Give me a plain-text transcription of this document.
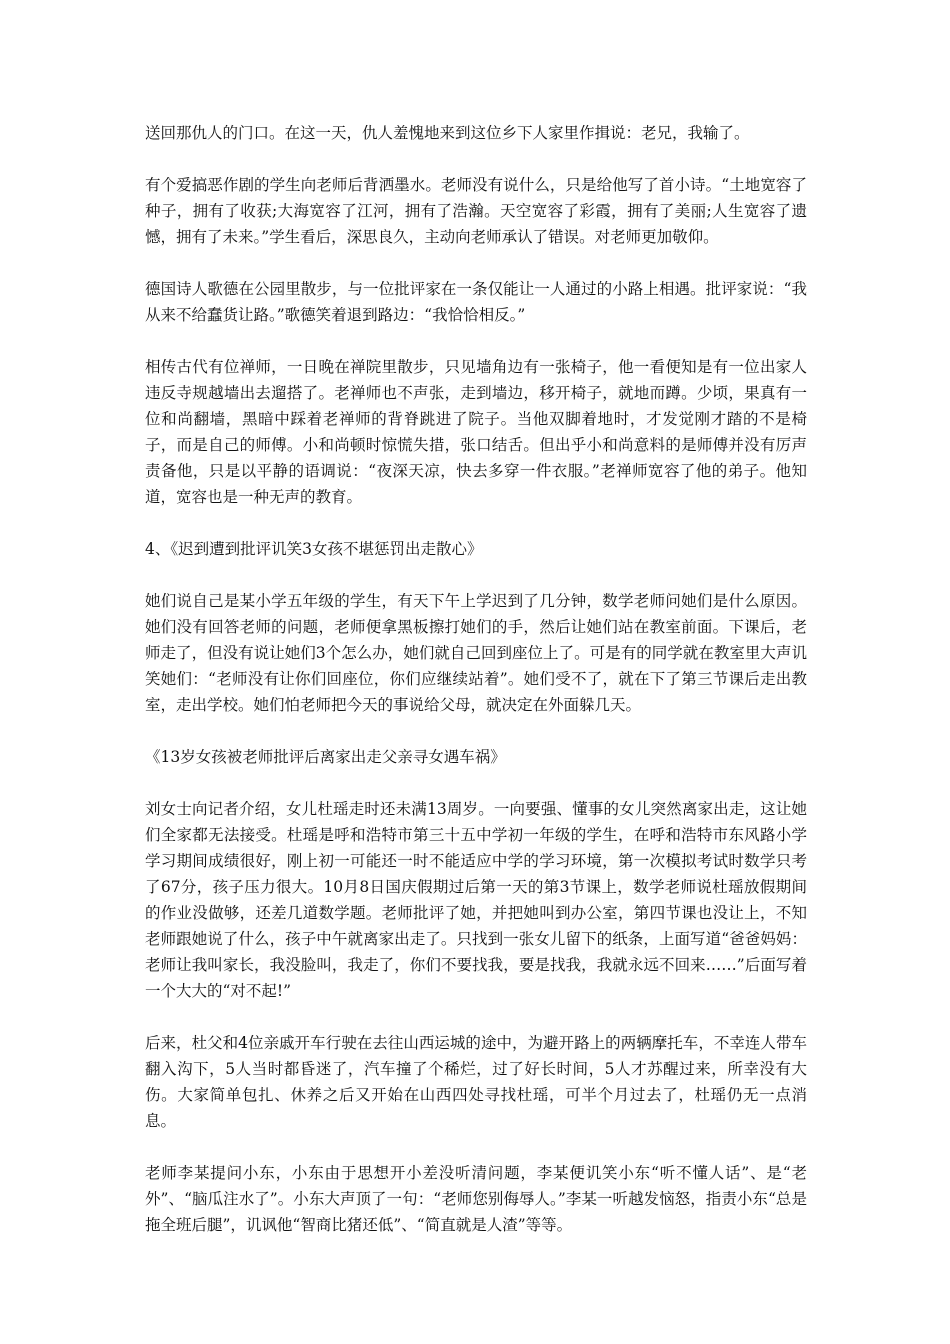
送回那仇人的门口。在这一天，仇人羞愧地来到这位乡下人家里作揖说：老兄，我输了。

有个爱搞恶作剧的学生向老师后背洒墨水。老师没有说什么，只是给他写了首小诗。“土地宽容了种子，拥有了收获;大海宽容了江河，拥有了浩瀚。天空宽容了彩霞，拥有了美丽;人生宽容了遗憾，拥有了未来。”学生看后，深思良久，主动向老师承认了错误。对老师更加敬仰。

德国诗人歌德在公园里散步，与一位批评家在一条仅能让一人通过的小路上相遇。批评家说：“我从来不给蠢货让路。”歌德笑着退到路边：“我恰恰相反。”

相传古代有位禅师，一日晚在禅院里散步，只见墙角边有一张椅子，他一看便知是有一位出家人违反寺规越墙出去遛搭了。老禅师也不声张，走到墙边，移开椅子，就地而蹲。少顷，果真有一位和尚翻墙，黑暗中踩着老禅师的背脊跳进了院子。当他双脚着地时，才发觉刚才踏的不是椅子，而是自己的师傅。小和尚顿时惊慌失措，张口结舌。但出乎小和尚意料的是师傅并没有厉声责备他，只是以平静的语调说：“夜深天凉，快去多穿一件衣服。”老禅师宽容了他的弟子。他知道，宽容也是一种无声的教育。

4、《迟到遭到批评讥笑3女孩不堪惩罚出走散心》

她们说自己是某小学五年级的学生，有天下午上学迟到了几分钟，数学老师问她们是什么原因。她们没有回答老师的问题，老师便拿黑板擦打她们的手，然后让她们站在教室前面。下课后，老师走了，但没有说让她们3个怎么办，她们就自己回到座位上了。可是有的同学就在教室里大声讥笑她们：“老师没有让你们回座位，你们应继续站着”。她们受不了，就在下了第三节课后走出教室，走出学校。她们怕老师把今天的事说给父母，就决定在外面躲几天。

《13岁女孩被老师批评后离家出走父亲寻女遇车祸》

刘女士向记者介绍，女儿杜瑶走时还未满13周岁。一向要强、懂事的女儿突然离家出走，这让她们全家都无法接受。杜瑶是呼和浩特市第三十五中学初一年级的学生，在呼和浩特市东风路小学学习期间成绩很好，刚上初一可能还一时不能适应中学的学习环境，第一次模拟考试时数学只考了67分，孩子压力很大。10月8日国庆假期过后第一天的第3节课上，数学老师说杜瑶放假期间的作业没做够，还差几道数学题。老师批评了她，并把她叫到办公室，第四节课也没让上，不知老师跟她说了什么，孩子中午就离家出走了。只找到一张女儿留下的纸条，上面写道“爸爸妈妈：老师让我叫家长，我没脸叫，我走了，你们不要找我，要是找我，我就永远不回来……”后面写着一个大大的“对不起!”

后来，杜父和4位亲戚开车行驶在去往山西运城的途中，为避开路上的两辆摩托车，不幸连人带车翻入沟下，5人当时都昏迷了，汽车撞了个稀烂，过了好长时间，5人才苏醒过来，所幸没有大伤。大家简单包扎、休养之后又开始在山西四处寻找杜瑶，可半个月过去了，杜瑶仍无一点消息。

老师李某提问小东，小东由于思想开小差没听清问题，李某便讥笑小东“听不懂人话”、是“老外”、“脑瓜注水了”。小东大声顶了一句：“老师您别侮辱人。”李某一听越发恼怒，指责小东“总是拖全班后腿”，讥讽他“智商比猪还低”、“简直就是人渣”等等。
